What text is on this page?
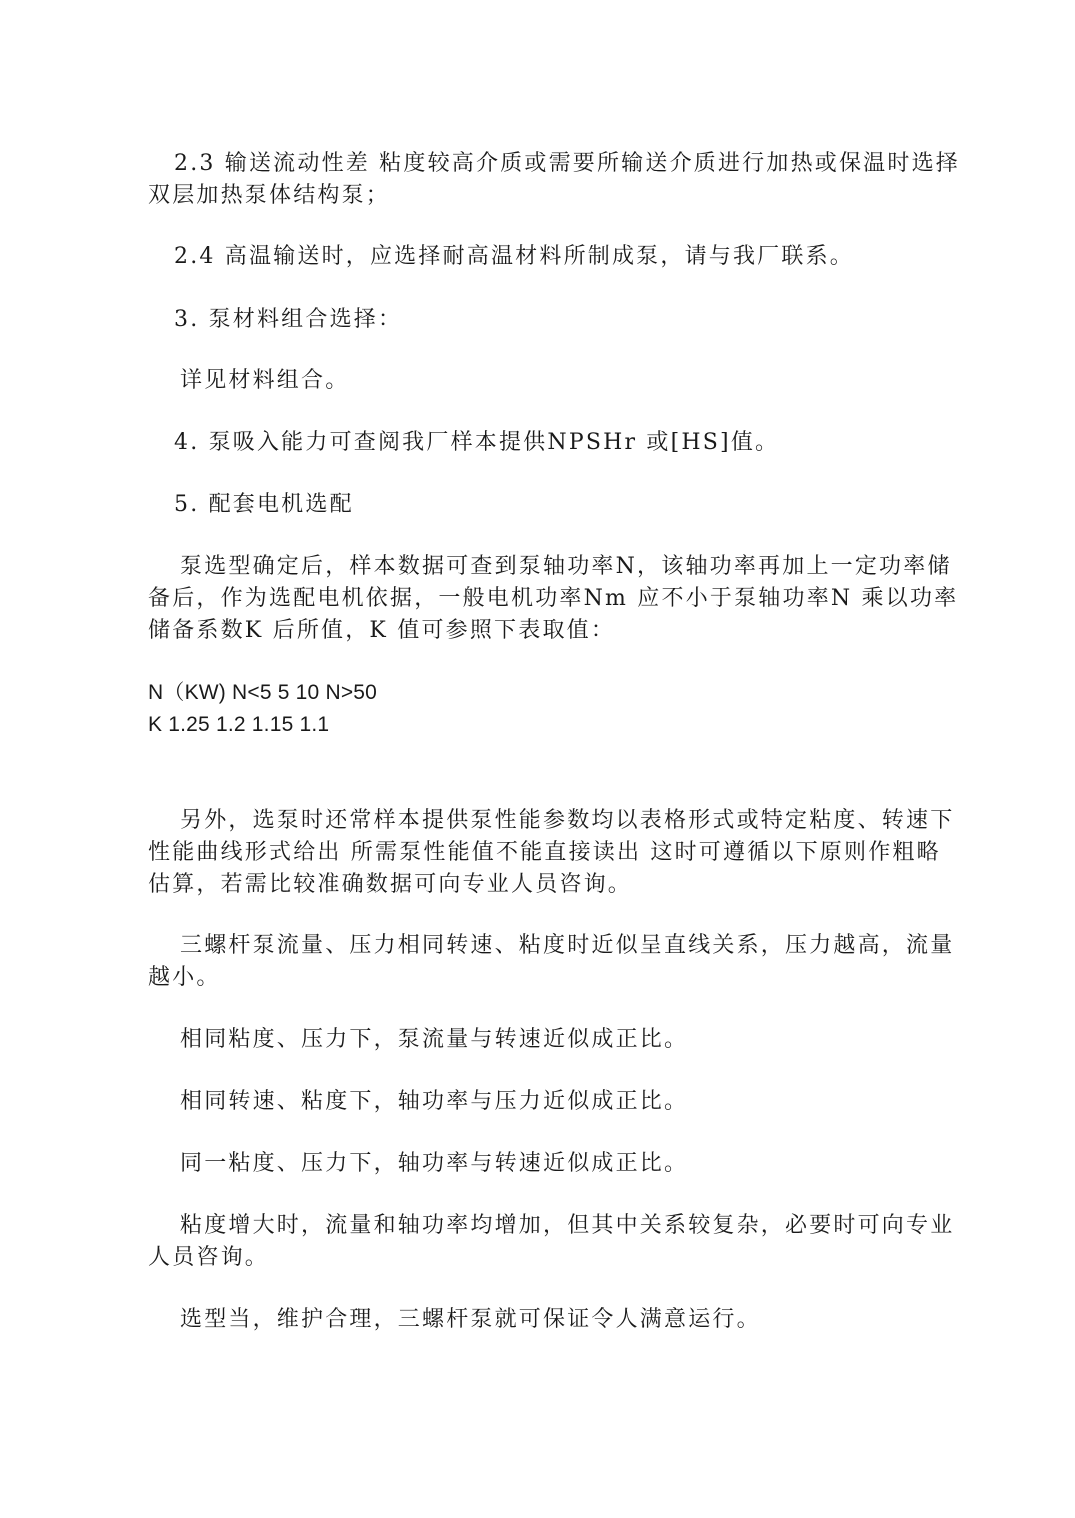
2.3 输送流动性差 粘度较高介质或需要所输送介质进行加热或保温时选择双层加热泵体结构泵；

2.4 高温输送时，应选择耐高温材料所制成泵，请与我厂联系。

3. 泵材料组合选择：

详见材料组合。

4. 泵吸入能力可查阅我厂样本提供NPSHr 或[HS]值。

5. 配套电机选配

泵选型确定后，样本数据可查到泵轴功率N，该轴功率再加上一定功率储备后，作为选配电机依据，一般电机功率Nm 应不小于泵轴功率N 乘以功率储备系数K 后所值，K 值可参照下表取值：

N（KW) N<5 5 10 N>50
K 1.25 1.2 1.15 1.1

另外，选泵时还常样本提供泵性能参数均以表格形式或特定粘度、转速下性能曲线形式给出 所需泵性能值不能直接读出 这时可遵循以下原则作粗略估算，若需比较准确数据可向专业人员咨询。

三螺杆泵流量、压力相同转速、粘度时近似呈直线关系，压力越高，流量越小。

相同粘度、压力下，泵流量与转速近似成正比。

相同转速、粘度下，轴功率与压力近似成正比。

同一粘度、压力下，轴功率与转速近似成正比。

粘度增大时，流量和轴功率均增加，但其中关系较复杂，必要时可向专业人员咨询。

选型当，维护合理，三螺杆泵就可保证令人满意运行。
